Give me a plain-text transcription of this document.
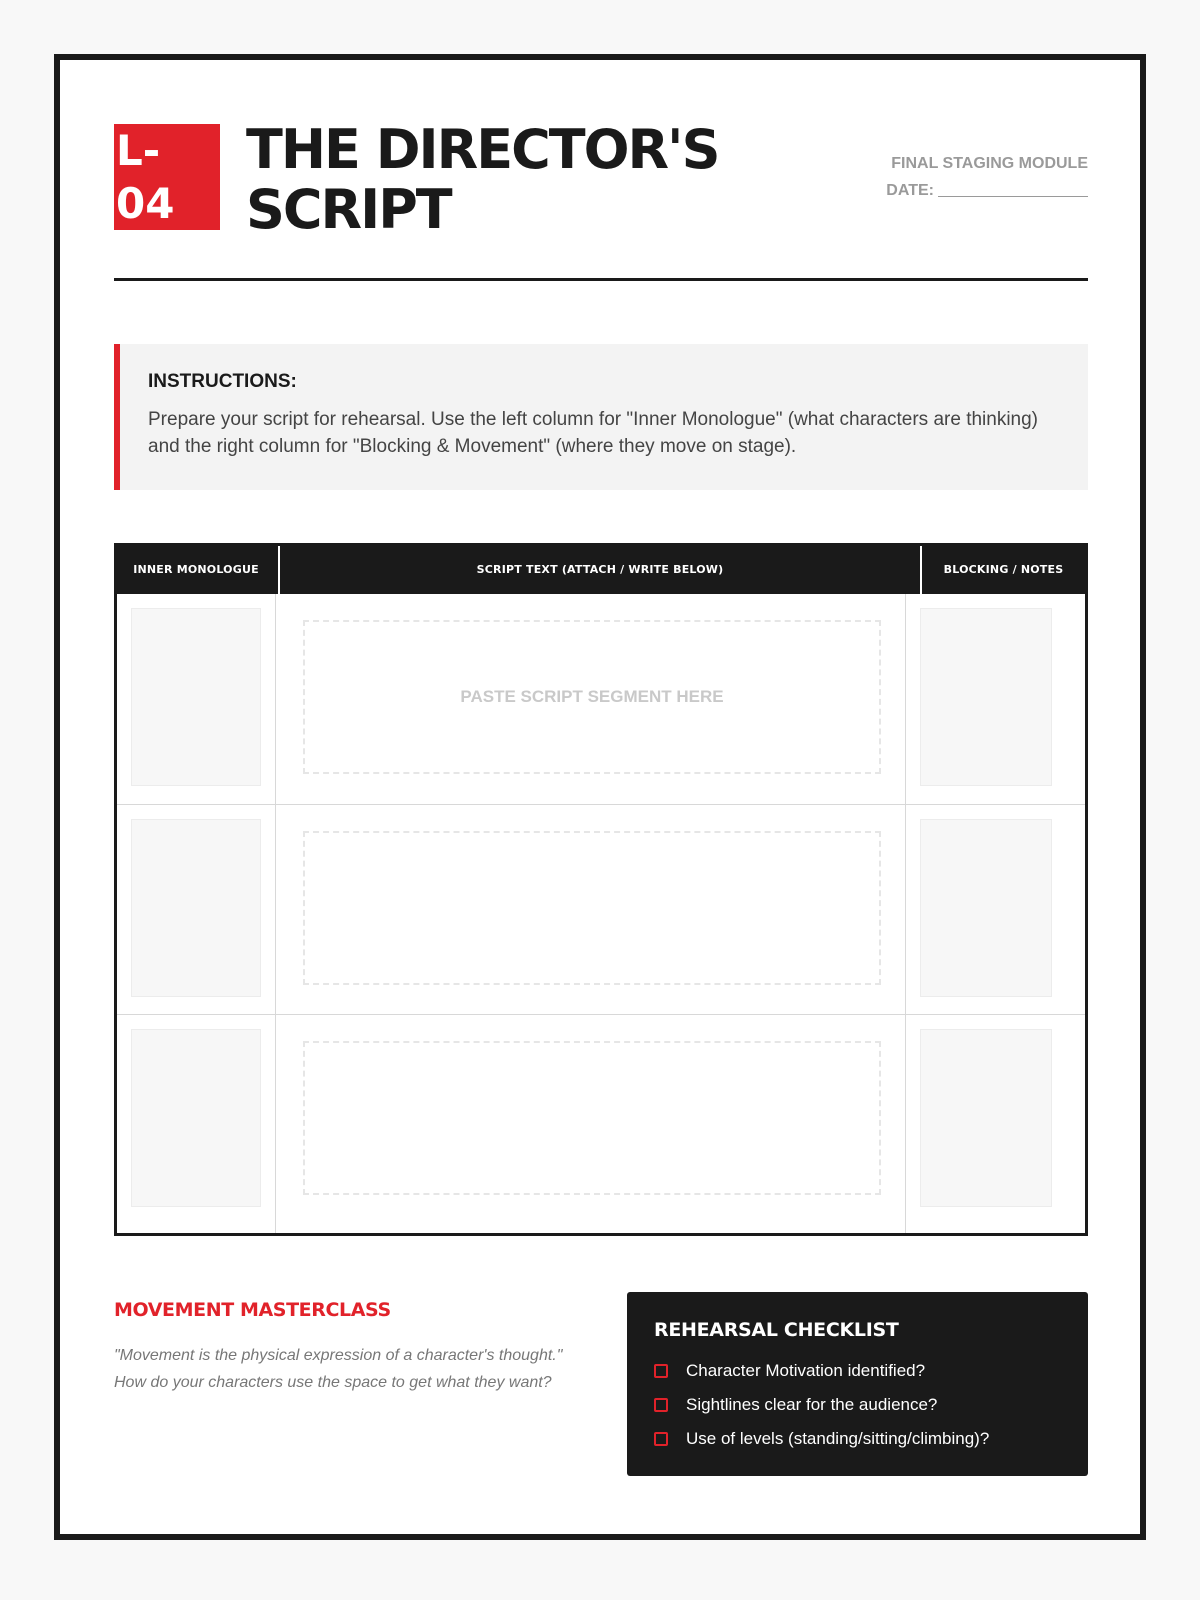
L-
04
THE DIRECTOR'S
SCRIPT
FINAL STAGING MODULE
DATE:

INSTRUCTIONS:

Prepare your script for rehearsal. Use the left column for "Inner Monologue" (what characters are thinking) and the right column for "Blocking & Movement" (where they move on stage).

INNER MONOLOGUE	SCRIPT TEXT (ATTACH / WRITE BELOW)	BLOCKING / NOTES
PASTE SCRIPT SEGMENT HERE

MOVEMENT MASTERCLASS

"Movement is the physical expression of a character's thought." How do your characters use the space to get what they want?

REHEARSAL CHECKLIST

Character Motivation identified?
Sightlines clear for the audience?
Use of levels (standing/sitting/climbing)?
